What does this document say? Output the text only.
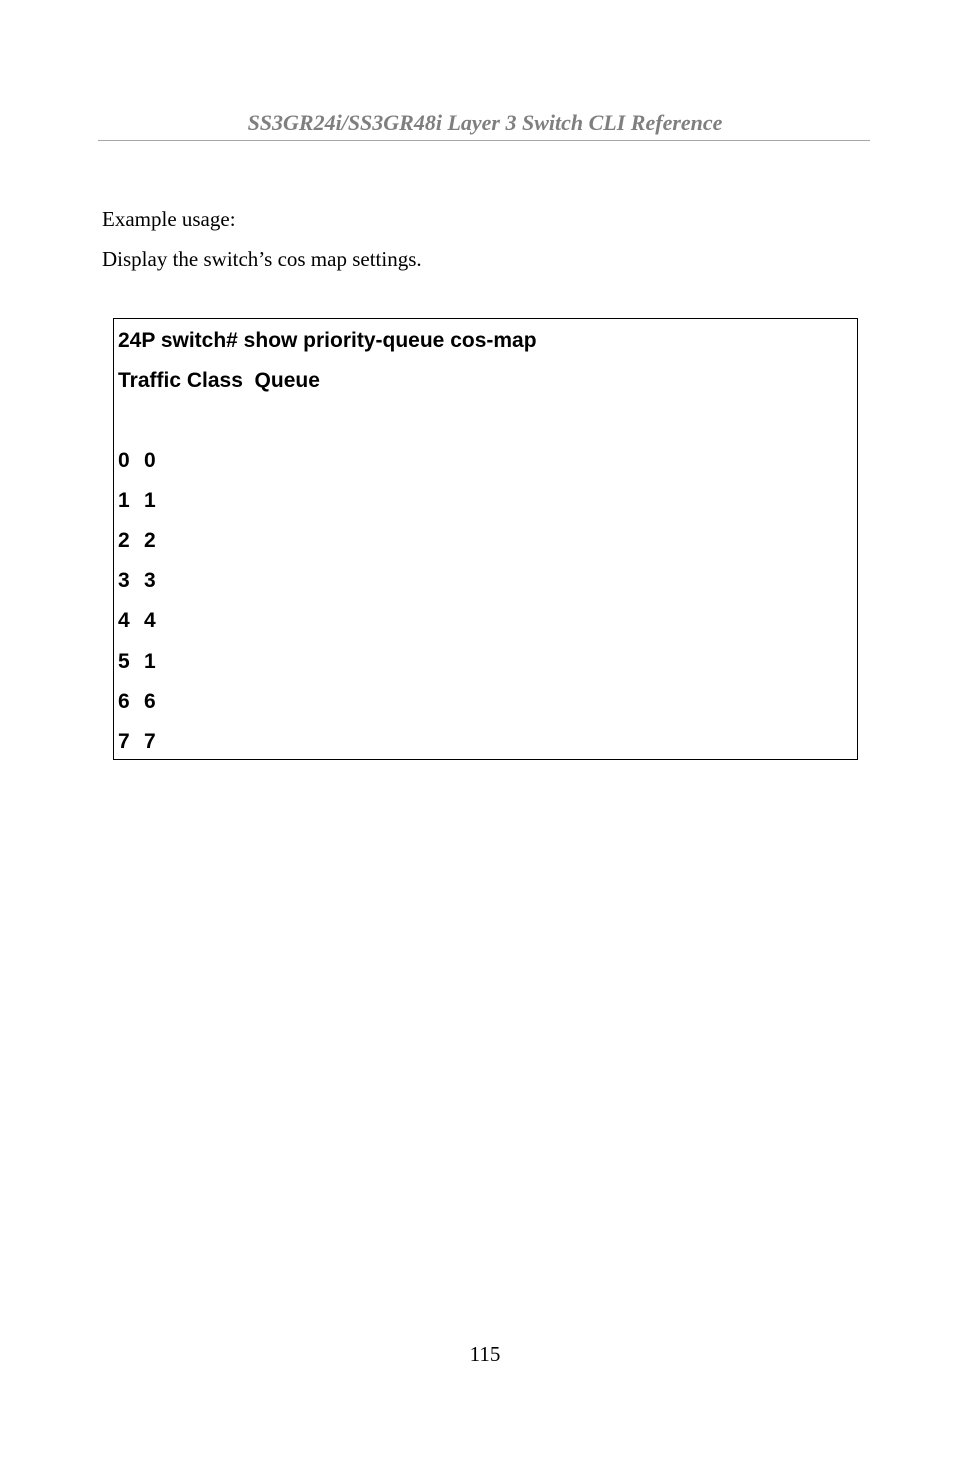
SS3GR24i/SS3GR48i Layer 3 Switch CLI Reference
Example usage:
Display the switch’s cos map settings.
24P switch# show priority-queue cos-map
Traffic Class  Queue
0 0
1 1
2 2
3 3
4 4
5 1
6 6
7 7
115
